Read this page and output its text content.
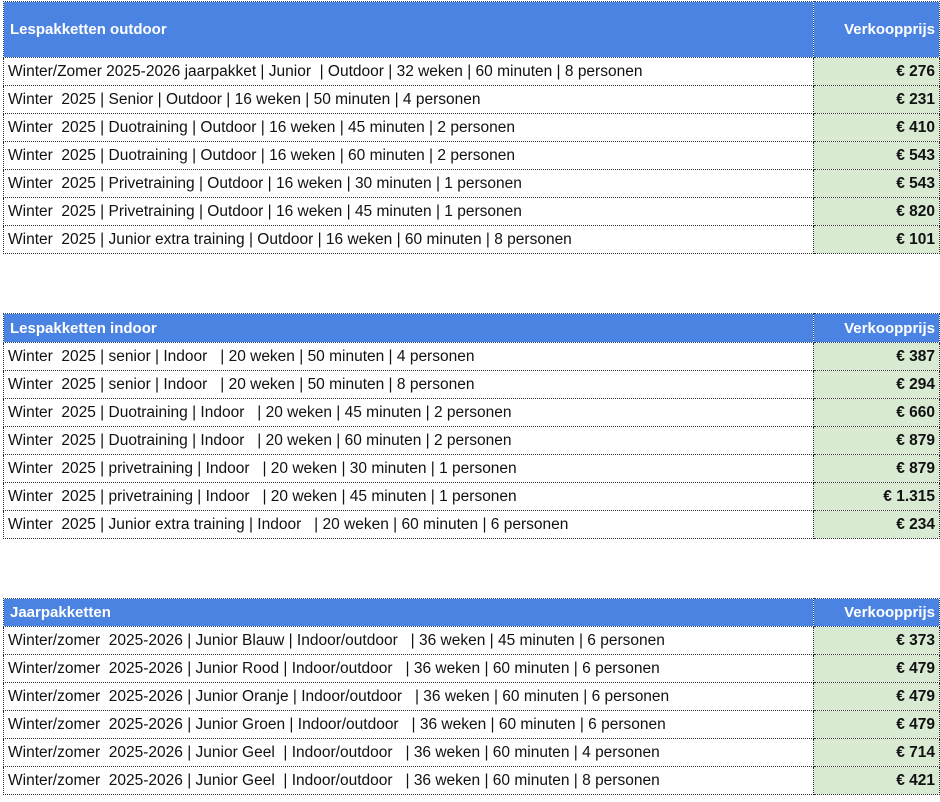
Lespakketten outdoor	Verkoopprijs
Winter/Zomer 2025-2026 jaarpakket | Junior  | Outdoor | 32 weken | 60 minuten | 8 personen	€ 276
Winter  2025 | Senior | Outdoor | 16 weken | 50 minuten | 4 personen	€ 231
Winter  2025 | Duotraining | Outdoor | 16 weken | 45 minuten | 2 personen	€ 410
Winter  2025 | Duotraining | Outdoor | 16 weken | 60 minuten | 2 personen	€ 543
Winter  2025 | Privetraining | Outdoor | 16 weken | 30 minuten | 1 personen	€ 543
Winter  2025 | Privetraining | Outdoor | 16 weken | 45 minuten | 1 personen	€ 820
Winter  2025 | Junior extra training | Outdoor | 16 weken | 60 minuten | 8 personen	€ 101
Lespakketten indoor	Verkoopprijs
Winter  2025 | senior | Indoor   | 20 weken | 50 minuten | 4 personen	€ 387
Winter  2025 | senior | Indoor   | 20 weken | 50 minuten | 8 personen	€ 294
Winter  2025 | Duotraining | Indoor   | 20 weken | 45 minuten | 2 personen	€ 660
Winter  2025 | Duotraining | Indoor   | 20 weken | 60 minuten | 2 personen	€ 879
Winter  2025 | privetraining | Indoor   | 20 weken | 30 minuten | 1 personen	€ 879
Winter  2025 | privetraining | Indoor   | 20 weken | 45 minuten | 1 personen	€ 1.315
Winter  2025 | Junior extra training | Indoor   | 20 weken | 60 minuten | 6 personen	€ 234
Jaarpakketten	Verkoopprijs
Winter/zomer  2025-2026 | Junior Blauw | Indoor/outdoor   | 36 weken | 45 minuten | 6 personen	€ 373
Winter/zomer  2025-2026 | Junior Rood | Indoor/outdoor   | 36 weken | 60 minuten | 6 personen	€ 479
Winter/zomer  2025-2026 | Junior Oranje | Indoor/outdoor   | 36 weken | 60 minuten | 6 personen	€ 479
Winter/zomer  2025-2026 | Junior Groen | Indoor/outdoor   | 36 weken | 60 minuten | 6 personen	€ 479
Winter/zomer  2025-2026 | Junior Geel  | Indoor/outdoor   | 36 weken | 60 minuten | 4 personen	€ 714
Winter/zomer  2025-2026 | Junior Geel  | Indoor/outdoor   | 36 weken | 60 minuten | 8 personen	€ 421
